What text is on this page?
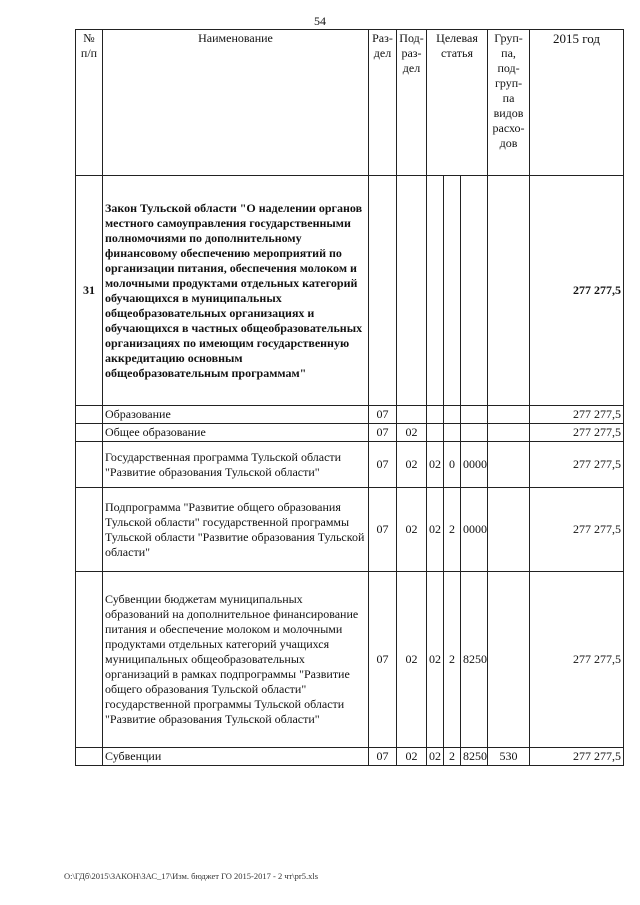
54
№ п/п	Наименование	Раз- дел	Под- раз- дел	Целевая статья			Груп- па, под- груп- па видов расхо- дов	2015 год
31	Закон Тульской области "О наделении органов местного самоуправления государственными полномочиями по дополнительному финансовому обеспечению мероприятий по организации питания, обеспечения молоком и молочными продуктами отдельных категорий обучающихся в муниципальных общеобразовательных организациях и обучающихся в частных общеобразовательных организациях по имеющим государственную аккредитацию основным общеобразовательным программам"							277 277,5
	Образование	07						277 277,5
	Общее образование	07	02					277 277,5
	Государственная программа Тульской области "Развитие образования Тульской области"	07	02	02	0	0000		277 277,5
	Подпрограмма "Развитие общего образования Тульской области" государственной программы Тульской области "Развитие образования Тульской области"	07	02	02	2	0000		277 277,5
	Субвенции бюджетам муниципальных образований на дополнительное финансирование питания и обеспечение молоком и молочными продуктами отдельных категорий учащихся муниципальных общеобразовательных организаций в рамках подпрограммы "Развитие общего образования Тульской области" государственной программы Тульской области "Развитие образования Тульской области"	07	02	02	2	8250		277 277,5
	Субвенции	07	02	02	2	8250	530	277 277,5
О:\ГДб\2015\ЗАКОН\ЗАС_17\Изм. бюджет ГО 2015-2017 - 2 чт\pr5.xls
